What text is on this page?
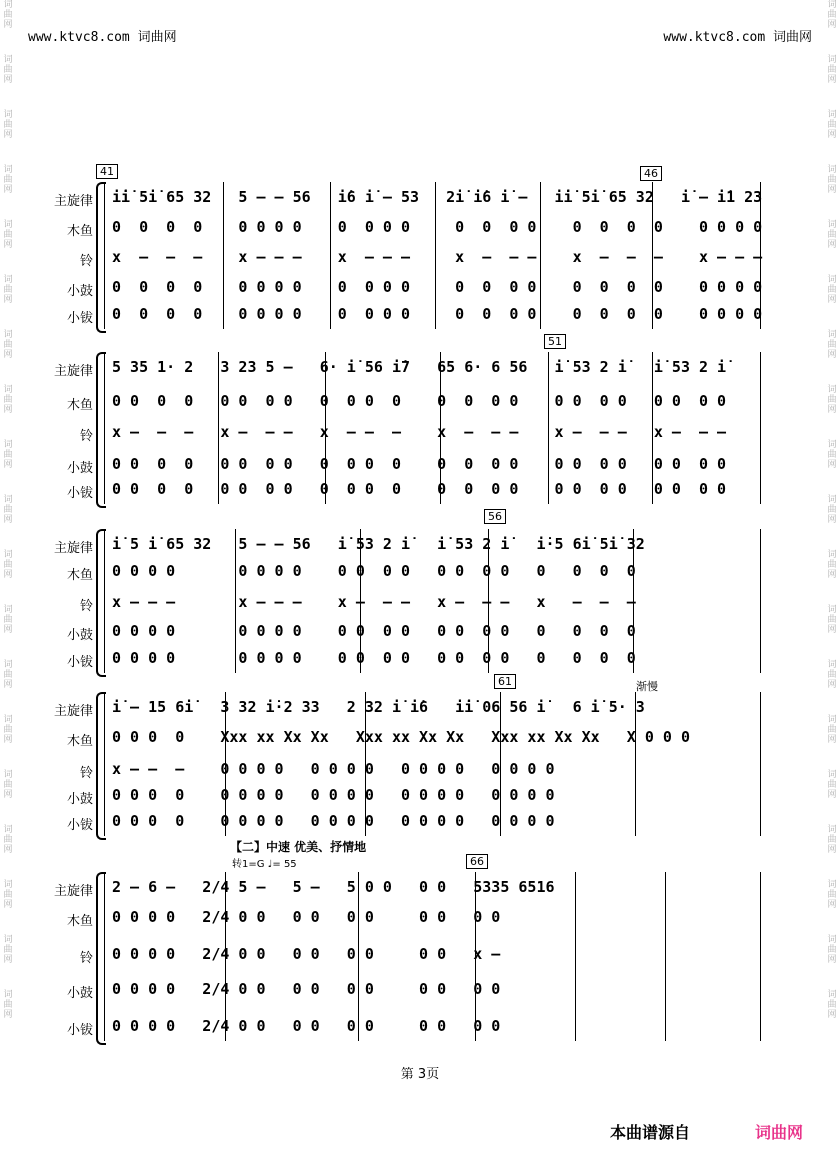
www.ktvc8.com 词曲网	www.ktvc8.com 词曲网
词
曲
网
词
曲
网
词
曲
网
词
曲
网
词
曲
网
词
曲
网
词
曲
网
词
曲
网
词
曲
网
词
曲
网
词
曲
网
词
曲
网
词
曲
网
词
曲
网
词
曲
网
词
曲
网
词
曲
网
词
曲
网
词
曲
网
词
曲
网
词
曲
网
词
曲
网
词
曲
网
词
曲
网
词
曲
网
词
曲
网
词
曲
网
词
曲
网
词
曲
网
词
曲
网
词
曲
网
词
曲
网
词
曲
网
词
曲
网
词
曲
网
词
曲
网
词
曲
网
词
曲
网
主旋律 i̇i̇ 5i̇ 65 32   5 – – 56   i̇6 i̇ – 53   2i̇ i̇6 i̇ –   i̇i̇ 5i̇ 65 32   i̇ – i̇1 23
木鱼 0  0  0  0    0 0 0 0    0  0 0 0     0  0  0 0    0  0  0  0    0 0 0 0
铃 x  –  –  –    x – – –    x  – – –     x  –  – –    x  –  –  –    x – – –
小鼓 0  0  0  0    0 0 0 0    0  0 0 0     0  0  0 0    0  0  0  0    0 0 0 0
小钹 0  0  0  0    0 0 0 0    0  0 0 0     0  0  0 0    0  0  0  0    0 0 0 0
41	46
主旋律 5 35 1· 2   3 23 5 –   6· i̇ 56 i̇7   65 6· 6 56   i̇ 53 2 i̇   i̇ 53 2 i̇
木鱼 0 0  0  0   0 0  0 0   0  0 0  0    0  0  0 0    0 0  0 0   0 0  0 0
铃 x –  –  –   x –  – –   x  – –  –    x  –  – –    x –  – –   x –  – –
小鼓 0 0  0  0   0 0  0 0   0  0 0  0    0  0  0 0    0 0  0 0   0 0  0 0
小钹 0 0  0  0   0 0  0 0   0  0 0  0    0  0  0 0    0 0  0 0   0 0  0 0
51
主旋律 i̇ 5 i̇ 65 32   5 – – 56   i̇ 53 2 i̇   i̇ 53 2 i̇   i̇·5 6i̇ 5i̇ 32
木鱼 0 0 0 0       0 0 0 0    0 0  0 0   0 0  0 0   0   0  0  0
铃 x – – –       x – – –    x –  – –   x –  – –   x   –  –  –
小鼓 0 0 0 0       0 0 0 0    0 0  0 0   0 0  0 0   0   0  0  0
小钹 0 0 0 0       0 0 0 0    0 0  0 0   0 0  0 0   0   0  0  0
56
主旋律 i̇ – 15 6i̇   3 32 i̇·2 33   2 32 i̇ i̇6   i̇i̇ 06 56 i̇   6 i̇ 5· 3
木鱼 0 0 0  0    Xxx xx Xx Xx   Xxx xx Xx Xx   Xxx xx Xx Xx   X 0 0 0
铃 x – –  –    0 0 0 0   0 0 0 0   0 0 0 0   0 0 0 0
小鼓 0 0 0  0    0 0 0 0   0 0 0 0   0 0 0 0   0 0 0 0
小钹 0 0 0  0    0 0 0 0   0 0 0 0   0 0 0 0   0 0 0 0
61	渐慢
主旋律 2 – 6 –   2/4 5 –   5 –   5 0 0   0 0   5335 6516
木鱼 0 0 0 0   2/4 0 0   0 0   0 0     0 0   0 0
铃 0 0 0 0   2/4 0 0   0 0   0 0     0 0   x –
小鼓 0 0 0 0   2/4 0 0   0 0   0 0     0 0   0 0
小钹 0 0 0 0   2/4 0 0   0 0   0 0     0 0   0 0
66
【二】中速 优美、抒情地
转1=G ♩= 55
第 3页
本曲谱源自	词曲网
